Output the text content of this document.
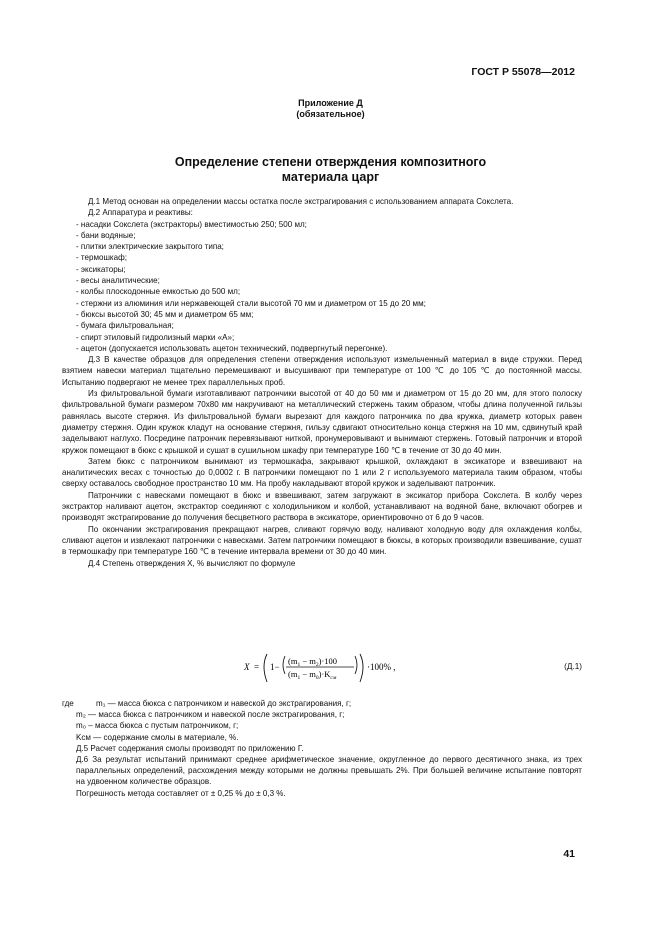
ГОСТ Р 55078—2012
Приложение Д
(обязательное)
Определение степени отверждения композитного
материала царг

Д.1 Метод основан на определении массы остатка после экстрагирования с использованием аппарата Сокслета.

Д.2 Аппаратура и реактивы:

- насадки Сокслета (экстракторы) вместимостью 250; 500 мл;

- бани водяные;

- плитки электрические закрытого типа;

- термошкаф;

- эксикаторы;

- весы аналитические;

- колбы плоскодонные емкостью до 500 мл;

- стержни из алюминия или нержавеющей стали высотой 70 мм и диаметром от 15 до 20 мм;

- бюксы высотой 30; 45 мм и диаметром 65 мм;

- бумага фильтровальная;

- спирт этиловый гидролизный марки «А»;

- ацетон (допускается использовать ацетон технический, подвергнутый перегонке).

Д.3 В качестве образцов для определения степени отверждения используют измельченный материал в виде стружки. Перед взятием навески материал тщательно перемешивают и высушивают при температуре от 100 ℃ до 105 ℃ до постоянной массы. Испытанию подвергают не менее трех параллельных проб.

Из фильтровальной бумаги изготавливают патрончики высотой от 40 до 50 мм и диаметром от 15 до 20 мм, для этого полоску фильтровальной бумаги размером 70x80 мм накручивают на металлический стержень таким образом, чтобы длина полученной гильзы равнялась высоте стержня. Из фильтровальной бумаги вырезают для каждого патрончика по два кружка, диаметр которых равен диаметру стержня. Один кружок кладут на основание стержня, гильзу сдвигают относительно конца стержня на 10 мм, сдвинутый край заделывают наглухо. Посредине патрончик перевязывают ниткой, пронумеровывают и вынимают стержень. Готовый патрончик и второй кружок помещают в бюкс с крышкой и сушат в сушильном шкафу при температуре 160 ℃ в течение от 30 до 40 мин.

Затем бюкс с патрончиком вынимают из термошкафа, закрывают крышкой, охлаждают в эксикаторе и взвешивают на аналитических весах с точностью до 0,0002 г. В патрончики помещают по 1 или 2 г используемого материала таким образом, чтобы сверху оставалось свободное пространство 10 мм. На пробу накладывают второй кружок и заделывают патрончик.

Патрончики с навесками помещают в бюкс и взвешивают, затем загружают в эксикатор прибора Сокслета. В колбу через экстрактор наливают ацетон, экстрактор соединяют с холодильником и колбой, устанавливают на водяной бане, включают обогрев и производят экстрагирование до получения бесцветного раствора в эксикаторе, ориентировочно от 6 до 9 часов.

По окончании экстрагирования прекращают нагрев, сливают горячую воду, наливают холодную воду для охлаждения колбы, сливают ацетон и извлекают патрончики с навесками. Затем патрончики помещают в бюксы, в которых производили взвешивание, сушат в термошкафу при температуре 160 ℃ в течение интервала времени от 30 до 40 мин.

Д.4 Степень отверждения X, % вычисляют по формуле

X = 1−
$(m_1 - m_2)\cdot 100$
$(m_1 - m_0)\cdot K_{см}$
·100% ,	(Д.1)

где	m₁ — масса бюкса с патрончиком и навеской до экстрагирования, г;

m₂ — масса бюкса с патрончиком и навеской после экстрагирования, г;

m₀ – масса бюкса с пустым патрончиком, г;

Kсм — содержание смолы в материале, %.

Д.5 Расчет содержания смолы производят по приложению Г.

Д.6 За результат испытаний принимают среднее арифметическое значение, округленное до первого десятичного знака, из трех параллельных определений, расхождения между которыми не должны превышать 2%. При большей величине испытание повторят на удвоенном количестве образцов.

Погрешность метода составляет от ± 0,25 % до ± 0,3 %.

41
